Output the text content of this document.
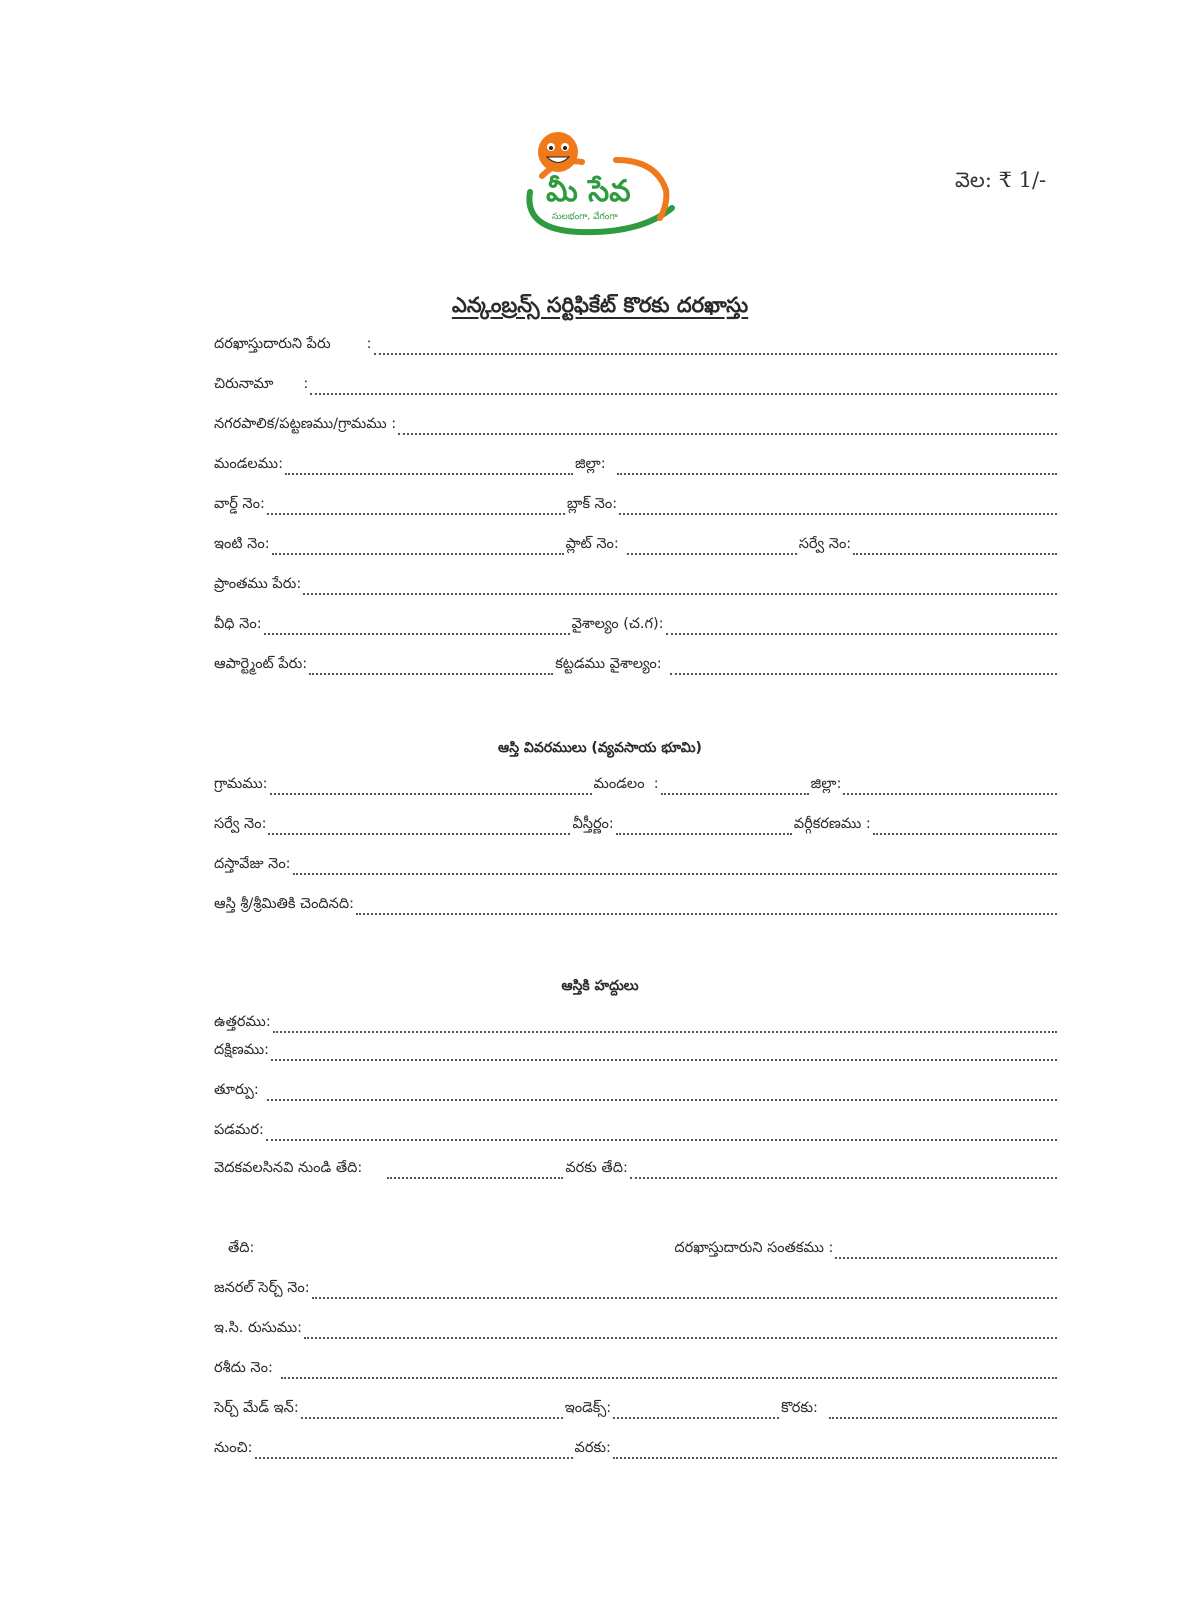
మీ సేవ
సులభంగా, వేగంగా
వెల: ₹ 1/-
ఎన్కంబ్రన్స్ సర్టిఫికేట్ కొరకు దరఖాస్తు
దరఖాస్తుదారుని పేరు :
చిరునామా :
నగరపాలిక/పట్టణము/గ్రామము :
మండలము :	జిల్లా :
వార్డ్ నెం :	బ్లాక్ నెం :
ఇంటి నెం :	ప్లాట్ నెం:	సర్వే నెం:
ప్రాంతము పేరు :
వీధి నెం :	వైశాల్యం (చ.గ) :
ఆపార్ట్మెంట్ పేరు :	కట్టడము వైశాల్యం:
ఆస్తి వివరములు (వ్యవసాయ భూమి)
గ్రామము :	మండలం :	జిల్లా :
సర్వే నెం :	వీస్తీర్ణం :	వర్గీకరణము :
దస్తావేజు నెం :
ఆస్తి శ్రీ/శ్రీమితికి చెందినది :
ఆస్తికి హద్దులు
ఉత్తరము :
దక్షిణము :
తూర్పు:
పడమర :
వెదకవలసినవి నుండి తేది :	వరకు తేది :
తేది :	దరఖాస్తుదారుని సంతకము :
జనరల్ సెర్చ్ నెం :
ఇ.సి. రుసుము :
రశీదు నెం:
సెర్చ్ మేడ్ ఇన్ :	ఇండెక్స్ :	కొరకు :
నుంచి :	వరకు :
